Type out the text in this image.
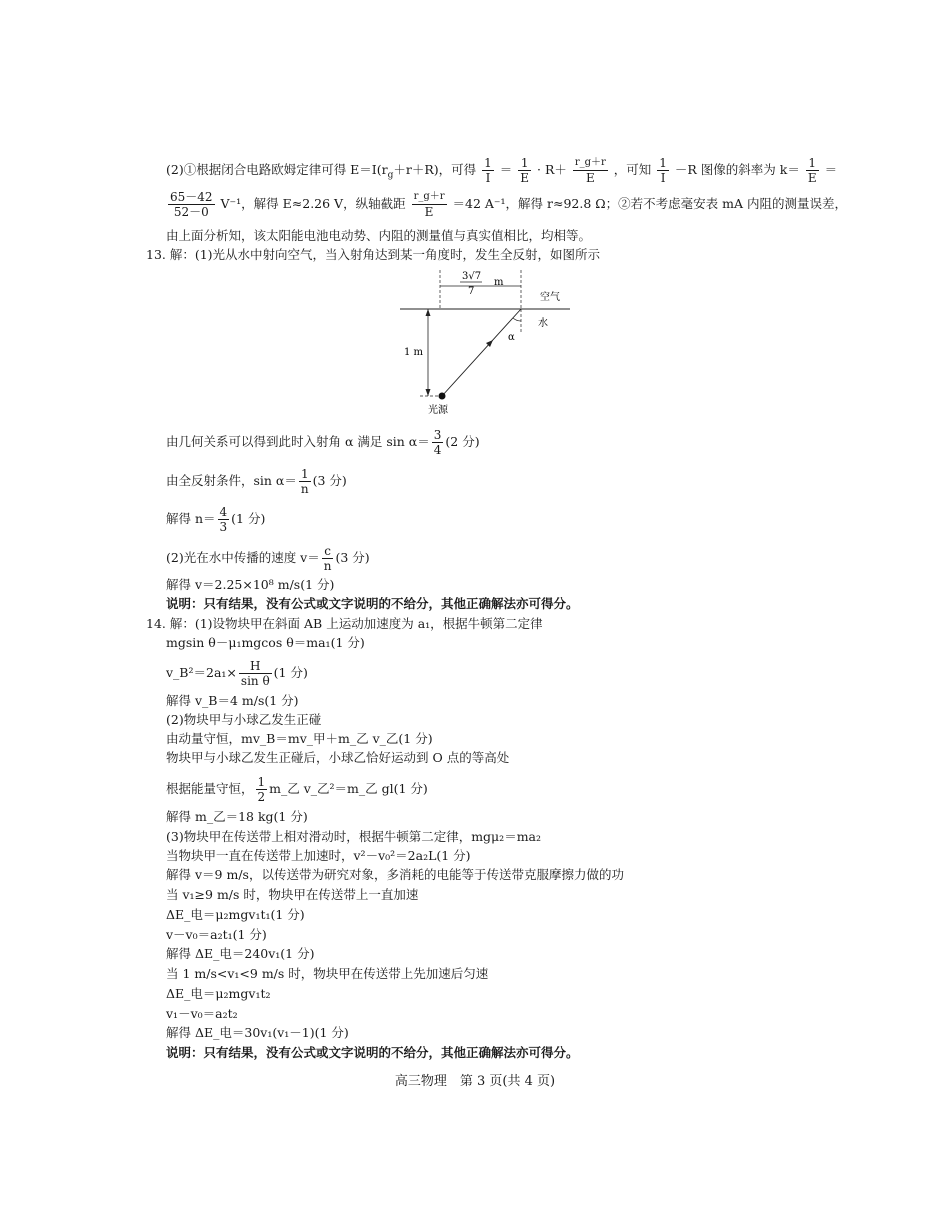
(2)①根据闭合电路欧姆定律可得 $E=I(r_g+r+R)$，可得 $\frac{1}{I} = \frac{1}{E} \cdot R+ \frac{r\_g+r}{E}$ ，可知 $\frac{1}{I} -R$ 图像的斜率为 $k= \frac{1}{E}$ ＝
$\frac{65-42}{52-0} V^{-1}$，解得 E≈2.26 V，纵轴截距 $\frac{r\_g+r}{E} =42$ A⁻¹，解得 r≈92.8 Ω；②若不考虑毫安表 mA 内阻的测量误差，
由上面分析知，该太阳能电池电动势、内阻的测量值与真实值相比，均相等。
13. 解：(1)光从水中射向空气，当入射角达到某一角度时，发生全反射，如图所示
3√7
7
m
空气
水
1 m
α
光源
由几何关系可以得到此时入射角 α 满足 $\sin \alpha= \frac{3}{4} (2$ 分)
由全反射条件，$\sin \alpha= \frac{1}{n} (3$ 分)
解得 $n= \frac{4}{3} (1$ 分)
(2)光在水中传播的速度 $v= \frac{c}{n} (3$ 分)
解得 v＝2.25×10⁸ m/s(1 分)
说明：只有结果，没有公式或文字说明的不给分，其他正确解法亦可得分。
14. 解：(1)设物块甲在斜面 AB 上运动加速度为 a₁，根据牛顿第二定律
mgsin θ－μ₁mgcos θ＝ma₁(1 分)
v_B²＝2a₁× $\frac{H}{\text{sin θ}} (1$ 分)
解得 v_B＝4 m/s(1 分)
(2)物块甲与小球乙发生正碰
由动量守恒，mv_B＝mv_甲＋m_乙 v_乙(1 分)
物块甲与小球乙发生正碰后，小球乙恰好运动到 O 点的等高处
根据能量守恒， $\frac{1}{2}$ m_乙 v_乙²＝m_乙 gl(1 分)
解得 m_乙＝18 kg(1 分)
(3)物块甲在传送带上相对滑动时，根据牛顿第二定律，mgμ₂＝ma₂
当物块甲一直在传送带上加速时，v²－v₀²＝2a₂L(1 分)
解得 v＝9 m/s，以传送带为研究对象，多消耗的电能等于传送带克服摩擦力做的功
当 v₁≥9 m/s 时，物块甲在传送带上一直加速
ΔE_电＝μ₂mgv₁t₁(1 分)
v－v₀＝a₂t₁(1 分)
解得 ΔE_电＝240v₁(1 分)
当 1 m/s<v₁<9 m/s 时，物块甲在传送带上先加速后匀速
ΔE_电＝μ₂mgv₁t₂
v₁－v₀＝a₂t₂
解得 ΔE_电＝30v₁(v₁－1)(1 分)
说明：只有结果，没有公式或文字说明的不给分，其他正确解法亦可得分。
高三物理　第 3 页(共 4 页)
